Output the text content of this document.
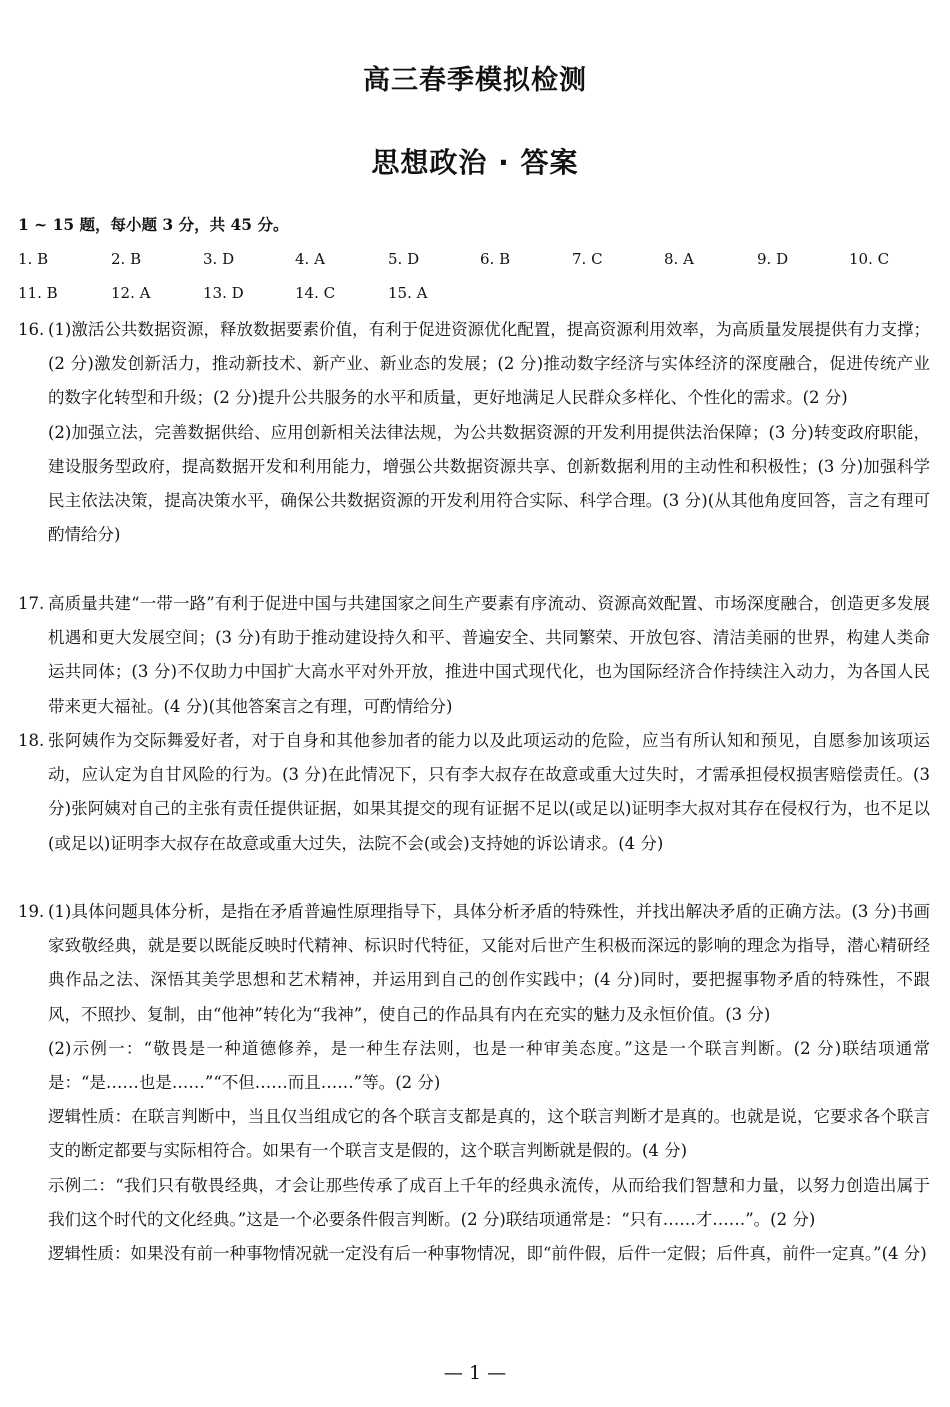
高三春季模拟检测
思想政治 · 答案
1 ~ 15 题，每小题 3 分，共 45 分。
1. B	2. B	3. D	4. A	5. D	6. B	7. C	8. A	9. D	10. C
11. B	12. A	13. D	14. C	15. A
16. (1)激活公共数据资源，释放数据要素价值，有利于促进资源优化配置，提高资源利用效率，为高质量发展提供有力支撑；(2 分)激发创新活力，推动新技术、新产业、新业态的发展；(2 分)推动数字经济与实体经济的深度融合，促进传统产业的数字化转型和升级；(2 分)提升公共服务的水平和质量，更好地满足人民群众多样化、个性化的需求。(2 分)

(2)加强立法，完善数据供给、应用创新相关法律法规，为公共数据资源的开发利用提供法治保障；(3 分)转变政府职能，建设服务型政府，提高数据开发和利用能力，增强公共数据资源共享、创新数据利用的主动性和积极性；(3 分)加强科学民主依法决策，提高决策水平，确保公共数据资源的开发利用符合实际、科学合理。(3 分)(从其他角度回答，言之有理可酌情给分)

17. 高质量共建“一带一路”有利于促进中国与共建国家之间生产要素有序流动、资源高效配置、市场深度融合，创造更多发展机遇和更大发展空间；(3 分)有助于推动建设持久和平、普遍安全、共同繁荣、开放包容、清洁美丽的世界，构建人类命运共同体；(3 分)不仅助力中国扩大高水平对外开放，推进中国式现代化，也为国际经济合作持续注入动力，为各国人民带来更大福祉。(4 分)(其他答案言之有理，可酌情给分)

18. 张阿姨作为交际舞爱好者，对于自身和其他参加者的能力以及此项运动的危险，应当有所认知和预见，自愿参加该项运动，应认定为自甘风险的行为。(3 分)在此情况下，只有李大叔存在故意或重大过失时，才需承担侵权损害赔偿责任。(3 分)张阿姨对自己的主张有责任提供证据，如果其提交的现有证据不足以(或足以)证明李大叔对其存在侵权行为，也不足以(或足以)证明李大叔存在故意或重大过失，法院不会(或会)支持她的诉讼请求。(4 分)

19. (1)具体问题具体分析，是指在矛盾普遍性原理指导下，具体分析矛盾的特殊性，并找出解决矛盾的正确方法。(3 分)书画家致敬经典，就是要以既能反映时代精神、标识时代特征，又能对后世产生积极而深远的影响的理念为指导，潜心精研经典作品之法、深悟其美学思想和艺术精神，并运用到自己的创作实践中；(4 分)同时，要把握事物矛盾的特殊性，不跟风，不照抄、复制，由“他神”转化为“我神”，使自己的作品具有内在充实的魅力及永恒价值。(3 分)

(2)示例一：“敬畏是一种道德修养，是一种生存法则，也是一种审美态度。”这是一个联言判断。(2 分)联结项通常是：“是……也是……”“不但……而且……”等。(2 分)

逻辑性质：在联言判断中，当且仅当组成它的各个联言支都是真的，这个联言判断才是真的。也就是说，它要求各个联言支的断定都要与实际相符合。如果有一个联言支是假的，这个联言判断就是假的。(4 分)

示例二：“我们只有敬畏经典，才会让那些传承了成百上千年的经典永流传，从而给我们智慧和力量，以努力创造出属于我们这个时代的文化经典。”这是一个必要条件假言判断。(2 分)联结项通常是：“只有……才……”。(2 分)

逻辑性质：如果没有前一种事物情况就一定没有后一种事物情况，即“前件假，后件一定假；后件真，前件一定真。”(4 分)

— 1 —
